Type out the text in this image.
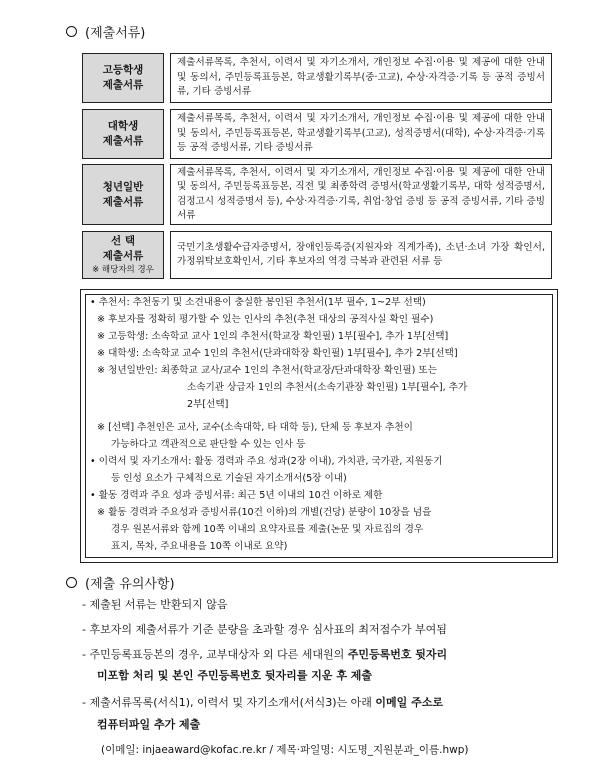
(제출서류)
고등학생
제출서류
제출서류목록, 추천서, 이력서 및 자기소개서, 개인정보 수집·이용 및 제공에 대한 안내 및 동의서, 주민등록표등본, 학교생활기록부(중·고교), 수상·자격증·기록 등 공적 증빙서류, 기타 증빙서류
대학생
제출서류
제출서류목록, 추천서, 이력서 및 자기소개서, 개인정보 수집·이용 및 제공에 대한 안내 및 동의서, 주민등록표등본, 학교생활기록부(고교), 성적증명서(대학), 수상·자격증·기록 등 공적 증빙서류, 기타 증빙서류
청년일반
제출서류
제출서류목록, 추천서, 이력서 및 자기소개서, 개인정보 수집·이용 및 제공에 대한 안내 및 동의서, 주민등록표등본, 직전 및 최종학력 증명서(학교생활기록부, 대학 성적증명서, 검정고시 성적증명서 등), 수상·자격증·기록, 취업·창업 증빙 등 공적 증빙서류, 기타 증빙서류
선 택
제출서류
※ 해당자의 경우
국민기초생활수급자증명서, 장애인등록증(지원자와 직계가족), 소년·소녀 가장 확인서, 가정위탁보호확인서, 기타 후보자의 역경 극복과 관련된 서류 등
• 추천서: 추천동기 및 소견내용이 충실한 봉인된 추천서(1부 필수, 1~2부 선택)
※ 후보자를 정확히 평가할 수 있는 인사의 추천(추천 대상의 공적사실 확인 필수)
※ 고등학생: 소속학교 교사 1인의 추천서(학교장 확인필) 1부[필수], 추가 1부[선택]
※ 대학생: 소속학교 교수 1인의 추천서(단과대학장 확인필) 1부[필수], 추가 2부[선택]
※ 청년일반인: 최종학교 교사/교수 1인의 추천서(학교장/단과대학장 확인필) 또는
소속기관 상급자 1인의 추천서(소속기관장 확인필) 1부[필수], 추가
2부[선택]
※ [선택] 추천인은 교사, 교수(소속대학, 타 대학 등), 단체 등 후보자 추천이
가능하다고 객관적으로 판단할 수 있는 인사 등
• 이력서 및 자기소개서: 활동 경력과 주요 성과(2장 이내), 가치관, 국가관, 지원동기
등 인성 요소가 구체적으로 기술된 자기소개서(5장 이내)
• 활동 경력과 주요 성과 증빙서류: 최근 5년 이내의 10건 이하로 제한
※ 활동 경력과 주요성과 증빙서류(10건 이하)의 개별(건당) 분량이 10장을 넘을
경우 원본서류와 함께 10쪽 이내의 요약자료를 제출(논문 및 자료집의 경우
표지, 목차, 주요내용을 10쪽 이내로 요약)
(제출 유의사항)
- 제출된 서류는 반환되지 않음
- 후보자의 제출서류가 기준 분량을 초과할 경우 심사표의 최저점수가 부여됨
- 주민등록표등본의 경우, 교부대상자 외 다른 세대원의 주민등록번호 뒷자리
미포함 처리 및 본인 주민등록번호 뒷자리를 지운 후 제출
- 제출서류목록(서식1), 이력서 및 자기소개서(서식3)는 아래 이메일 주소로
컴퓨터파일 추가 제출
(이메일: injaeaward@kofac.re.kr / 제목·파일명: 시도명_지원분과_이름.hwp)
